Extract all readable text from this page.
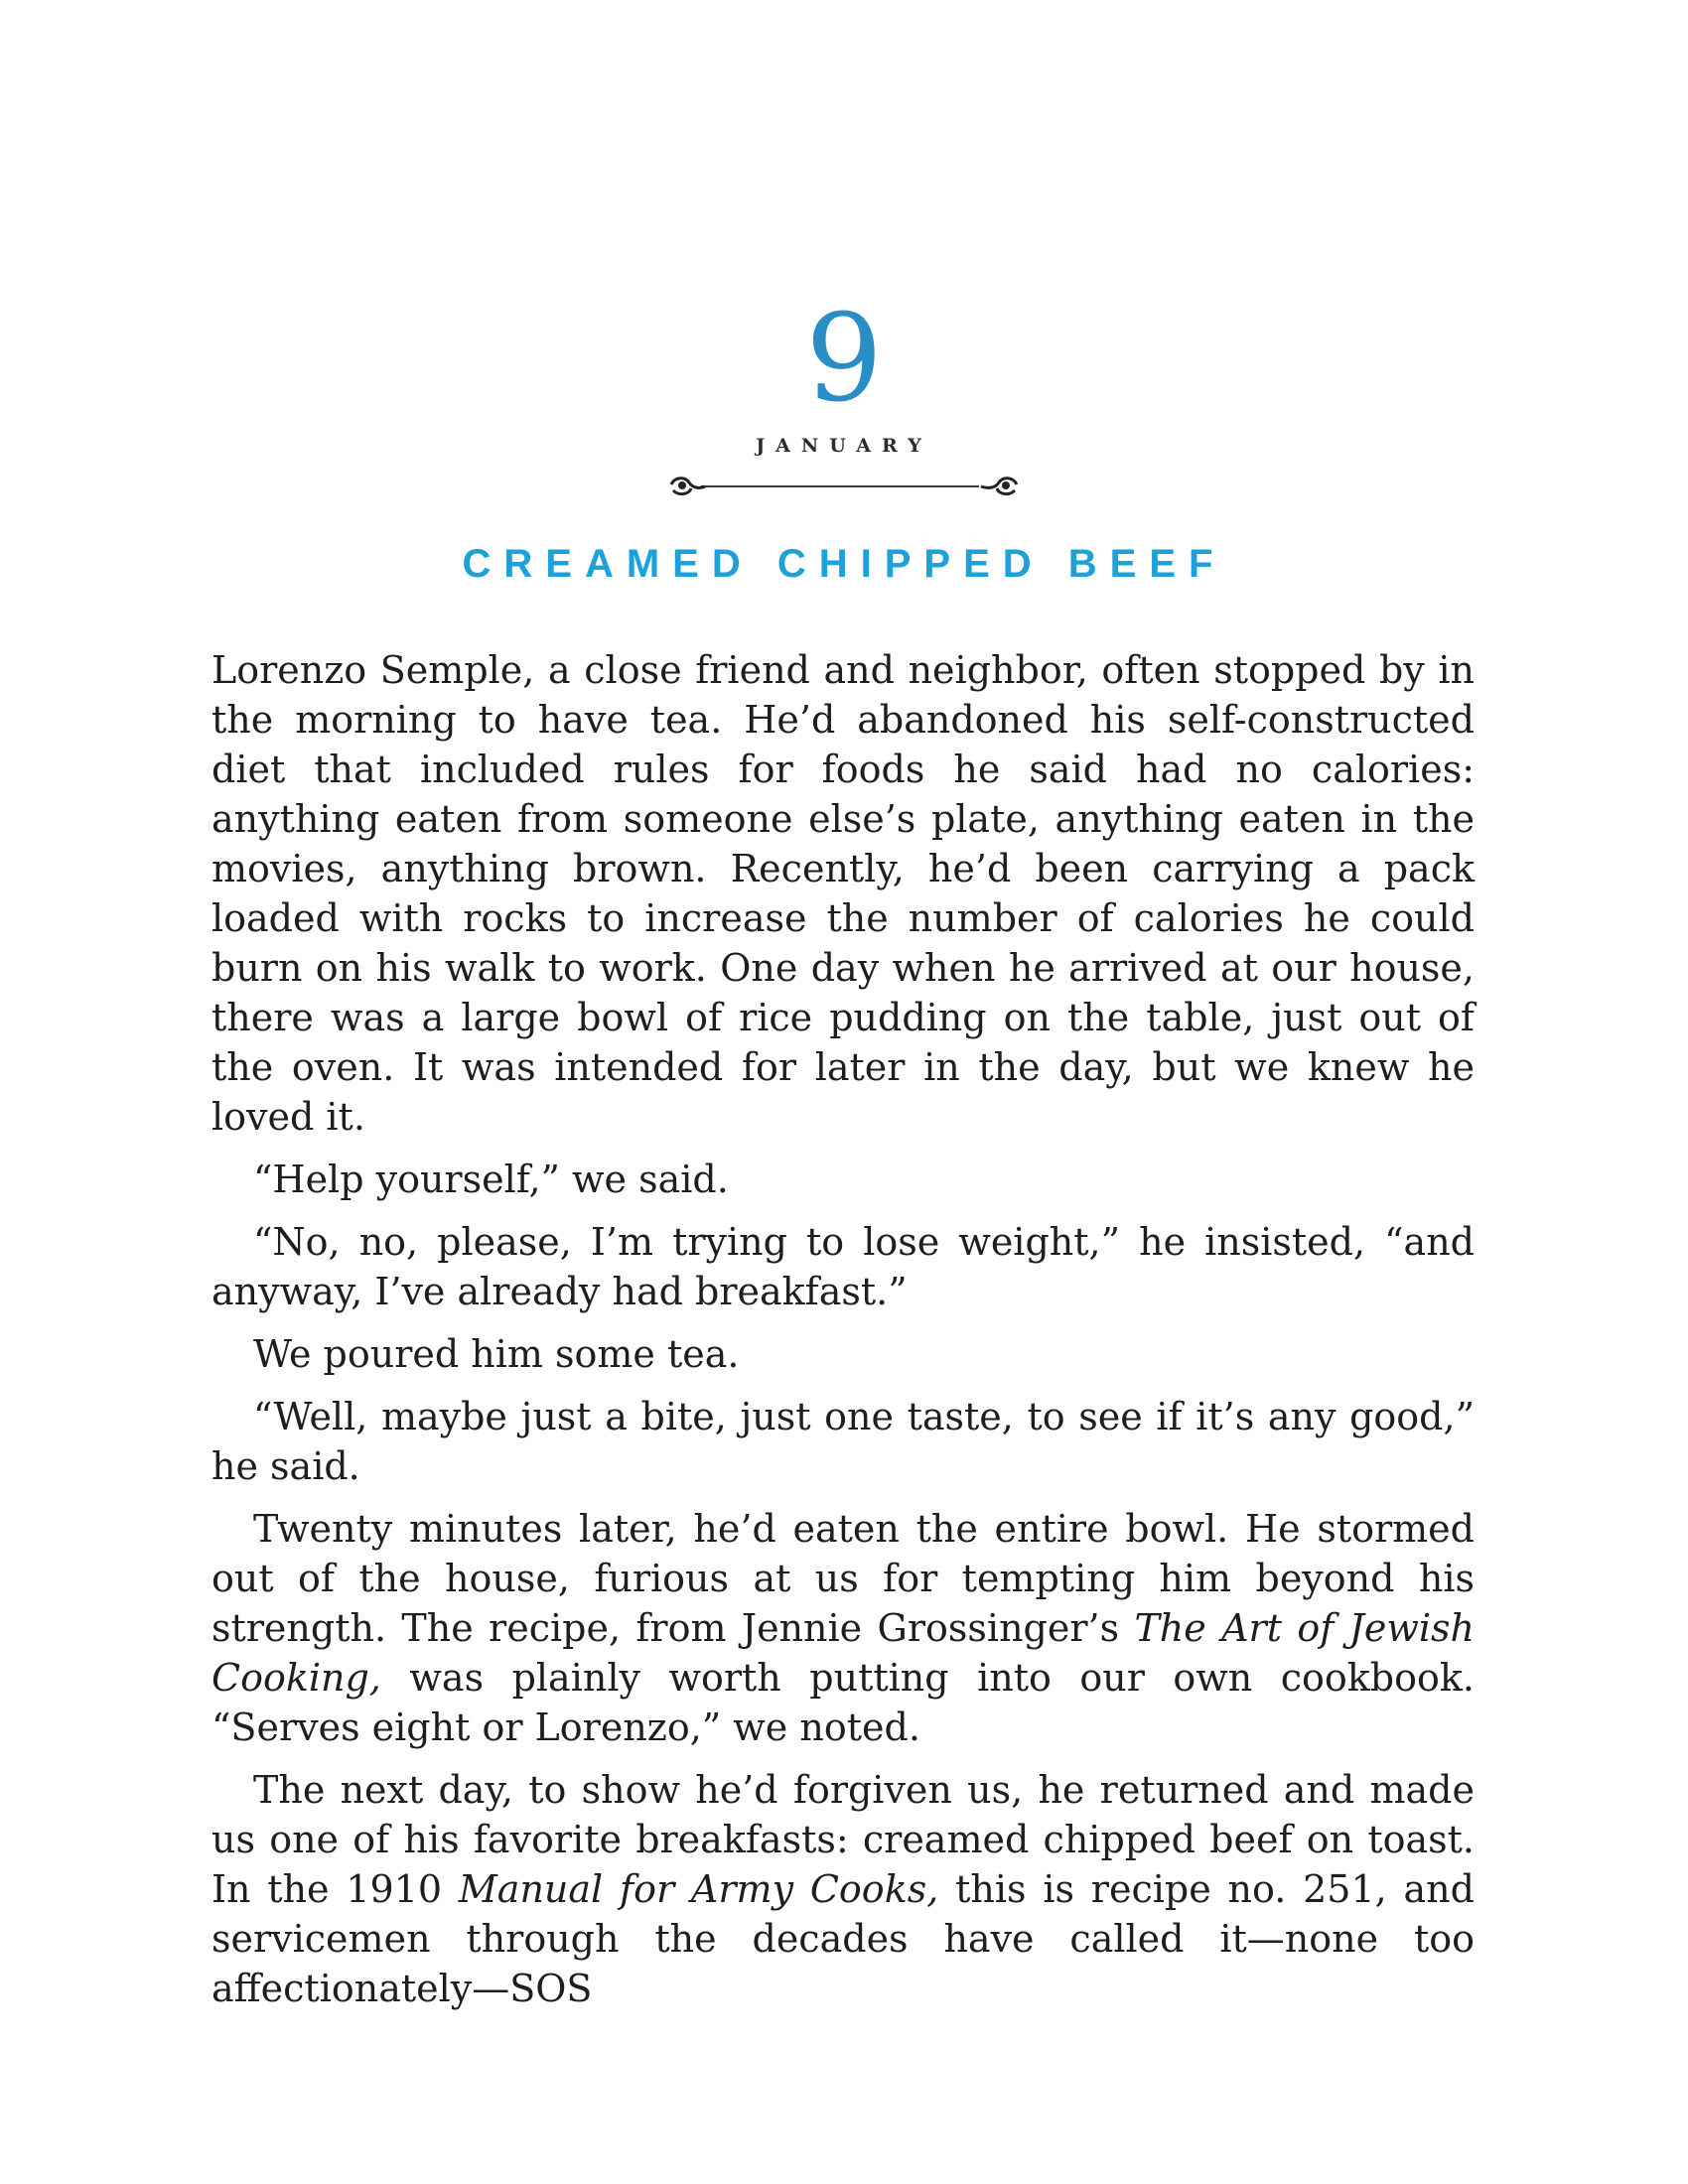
9
JANUARY
CREAMED CHIPPED BEEF

Lorenzo Semple, a close friend and neighbor, often stopped by in the morning to have tea. He’d abandoned his self-constructed diet that included rules for foods he said had no calories: anything eaten from someone else’s plate, anything eaten in the movies, anything brown. Recently, he’d been carrying a pack loaded with rocks to increase the number of calories he could burn on his walk to work. One day when he arrived at our house, there was a large bowl of rice pudding on the table, just out of the oven. It was intended for later in the day, but we knew he loved it.

“Help yourself,” we said.

“No, no, please, I’m trying to lose weight,” he insisted, “and anyway, I’ve already had breakfast.”

We poured him some tea.

“Well, maybe just a bite, just one taste, to see if it’s any good,” he said.

Twenty minutes later, he’d eaten the entire bowl. He stormed out of the house, furious at us for tempting him beyond his strength. The recipe, from Jennie Grossinger’s The Art of Jewish Cooking, was plainly worth putting into our own cookbook. “Serves eight or Lorenzo,” we noted.

The next day, to show he’d forgiven us, he returned and made us one of his favorite breakfasts: creamed chipped beef on toast. In the 1910 Manual for Army Cooks, this is recipe no. 251, and servicemen through the decades have called it—none too affectionately—SOS
